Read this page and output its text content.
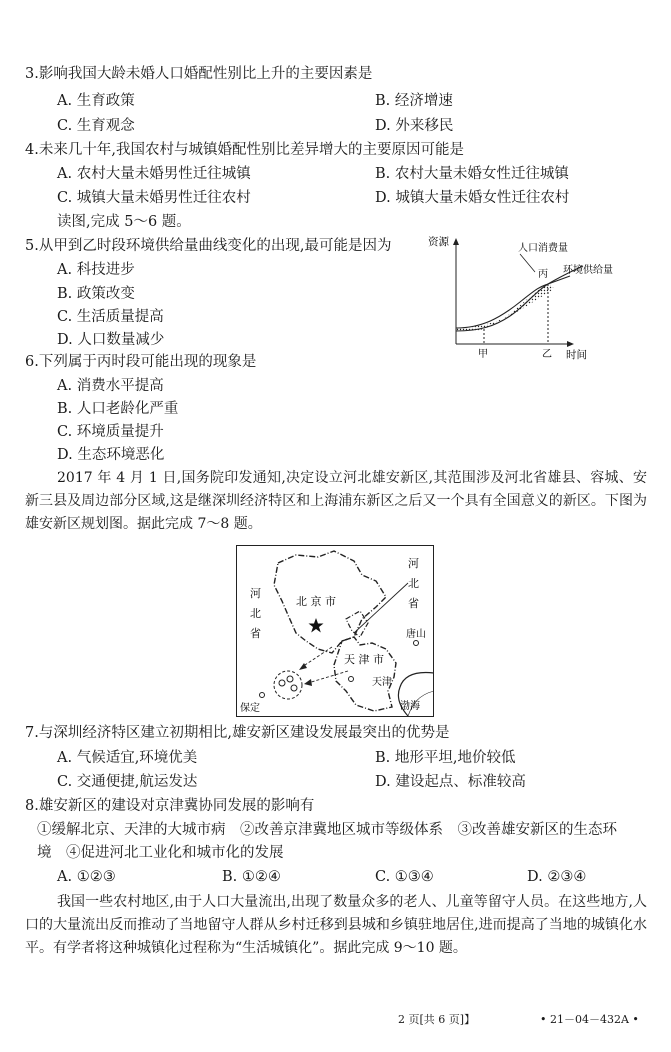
3.影响我国大龄未婚人口婚配性别比上升的主要因素是
A. 生育政策	B. 经济增速
C. 生育观念	D. 外来移民
4.未来几十年,我国农村与城镇婚配性别比差异增大的主要原因可能是
A. 农村大量未婚男性迁往城镇	B. 农村大量未婚女性迁往城镇
C. 城镇大量未婚男性迁往农村	D. 城镇大量未婚女性迁往农村
读图,完成 5～6 题。
5.从甲到乙时段环境供给量曲线变化的出现,最可能是因为
A. 科技进步
B. 政策改变
C. 生活质量提高
D. 人口数量减少
资源
时间
人口消费量
环境供给量
丙
甲	乙
6.下列属于丙时段可能出现的现象是
A. 消费水平提高
B. 人口老龄化严重
C. 环境质量提升
D. 生态环境恶化
2017 年 4 月 1 日,国务院印发通知,决定设立河北雄安新区,其范围涉及河北省雄县、容城、安新三县及周边部分区域,这是继深圳经济特区和上海浦东新区之后又一个具有全国意义的新区。下图为雄安新区规划图。据此完成 7～8 题。
河
北
省
河
北
省
北 京 市
天 津 市
天津
唐山
保定	渤海
7.与深圳经济特区建立初期相比,雄安新区建设发展最突出的优势是
A. 气候适宜,环境优美	B. 地形平坦,地价较低
C. 交通便捷,航运发达	D. 建设起点、标准较高
8.雄安新区的建设对京津冀协同发展的影响有
①缓解北京、天津的大城市病　②改善京津冀地区城市等级体系　③改善雄安新区的生态环
境　④促进河北工业化和城市化的发展
A. ①②③	B. ①②④	C. ①③④	D. ②③④
我国一些农村地区,由于人口大量流出,出现了数量众多的老人、儿童等留守人员。在这些地方,人口的大量流出反而推动了当地留守人群从乡村迁移到县城和乡镇驻地居住,进而提高了当地的城镇化水平。有学者将这种城镇化过程称为“生活城镇化”。据此完成 9～10 题。
2 页[共 6 页]】	• 21－04－432A •
